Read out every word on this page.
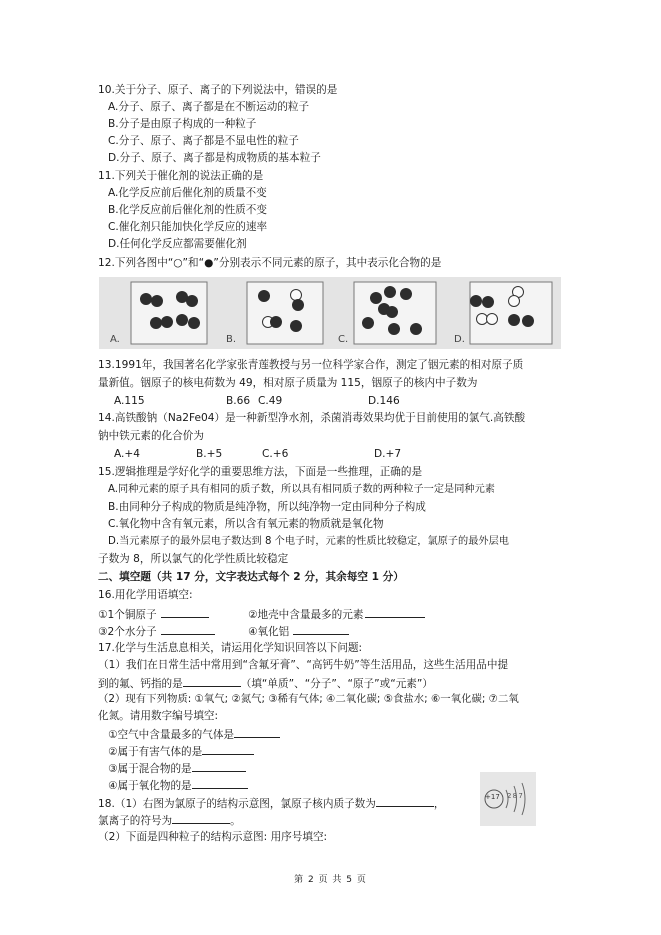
10.关于分子、原子、离子的下列说法中，错误的是
A.分子、原子、离子都是在不断运动的粒子
B.分子是由原子构成的一种粒子
C.分子、原子、离子都是不显电性的粒子
D.分子、原子、离子都是构成物质的基本粒子
11.下列关于催化剂的说法正确的是
A.化学反应前后催化剂的质量不变
B.化学反应前后催化剂的性质不变
C.催化剂只能加快化学反应的速率
D.任何化学反应都需要催化剂
12.下列各图中“○”和“●”分别表示不同元素的原子，其中表示化合物的是
A.	B.	C.	D.
13.1991年，我国著名化学家张青莲教授与另一位科学家合作，测定了铟元素的相对原子质
量新值。铟原子的核电荷数为 49，相对原子质量为 115，铟原子的核内中子数为
A.115	B.66 C.49	D.146
14.高铁酸钠（Na2Fe04）是一种新型净水剂，杀菌消毒效果均优于目前使用的氯气.高铁酸
钠中铁元素的化合价为
A.+4	B.+5	C.+6	D.+7
15.逻辑推理是学好化学的重要思维方法，下面是一些推理，正确的是
A.同种元素的原子具有相同的质子数，所以具有相同质子数的两种粒子一定是同种元素
B.由同种分子构成的物质是纯净物，所以纯净物一定由同种分子构成
C.氧化物中含有氧元素，所以含有氧元素的物质就是氧化物
D.当元素原子的最外层电子数达到 8 个电子时，元素的性质比较稳定，氯原子的最外层电
子数为 8，所以氯气的化学性质比较稳定
二、填空题（共 17 分，文字表达式每个 2 分，其余每空 1 分）
16.用化学用语填空:
①1个铜原子	②地壳中含量最多的元素
③2个水分子	④氧化铝
17.化学与生活息息相关，请运用化学知识回答以下问题:
（1）我们在日常生活中常用到“含氟牙膏”、“高钙牛奶”等生活用品，这些生活用品中提
到的氟、钙指的是	（填“单质”、“分子”、“原子”或“元素”）
（2）现有下列物质: ①氧气; ②氮气; ③稀有气体; ④二氧化碳; ⑤食盐水; ⑥一氧化碳; ⑦二氧
化氮。请用数字编号填空:
①空气中含量最多的气体是
②属于有害气体的是
③属于混合物的是
④属于氧化物的是
18.（1）右图为氯原子的结构示意图，氯原子核内质子数为	，
氯离子的符号为	。
（2）下面是四种粒子的结构示意图: 用序号填空:
+17 2 8 7
第 2 页 共 5 页
